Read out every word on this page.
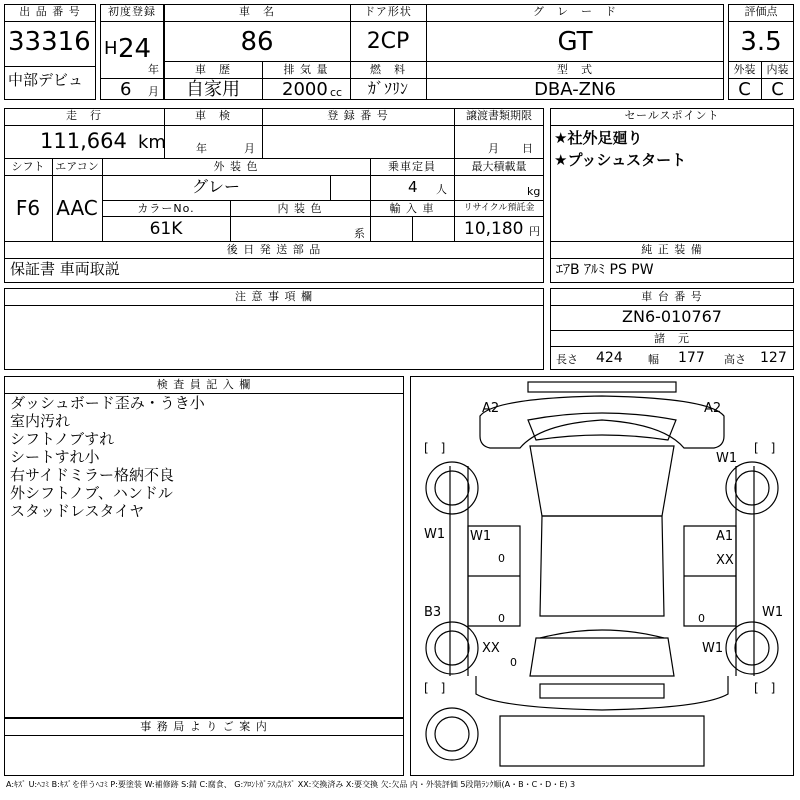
出 品 番 号
33316
中部デビュ
初度登録
H 24
年
6 月
車　名
86
ドア形状
2CP
グ　レ　ー　ド
GT
車　歴
自家用
排 気 量
2000 cc
燃　料
ｶﾞｿﾘﾝ
型　式
DBA-ZN6
評価点
3.5
外装	内装
C	C
走　行
111,664 km
車　検
年	月
登 録 番 号	譲渡書類期限
月 日
シフト
F6
エアコン
AAC
外 装 色
グレー
乗車定員
4 人
最大積載量
kg
カラーNo.
61K
内 装 色
系
輸 入 車	リサイクル預託金
10,180 円
セールスポイント
★社外足廻り
★プッシュスタート
後 日 発 送 部 品
保証書 車両取説
純 正 装 備
ｴｱB ｱﾙﾐ PS PW
注 意 事 項 欄	車 台 番 号
ZN6-010767
諸　元
長さ 424 幅 177 高さ 127
検 査 員 記 入 欄
ダッシュボード歪み・うき小
室内汚れ
シフトノブすれ
シートすれ小
右サイドミラー格納不良
外シフトノブ、ハンドル
スタッドレスタイヤ
事 務 局 よ り ご 案 内
A2	A2
W1
W1 W1	A1
XX
B3	W1
XX	W1
0
0	0
0
[　]	[　]
[　]	[　]
A:ｷｽﾞ U:ﾍｺﾐ B:ｷｽﾞを伴うﾍｺﾐ P:要塗装 W:補修跡 S:錆 C:腐食、 G:ﾌﾛﾝﾄｶﾞﾗｽ点ｷｽﾞ XX:交換済み X:要交換 欠:欠品 内・外装評価 5段階ﾗﾝｸ順(A・B・C・D・E) 3
